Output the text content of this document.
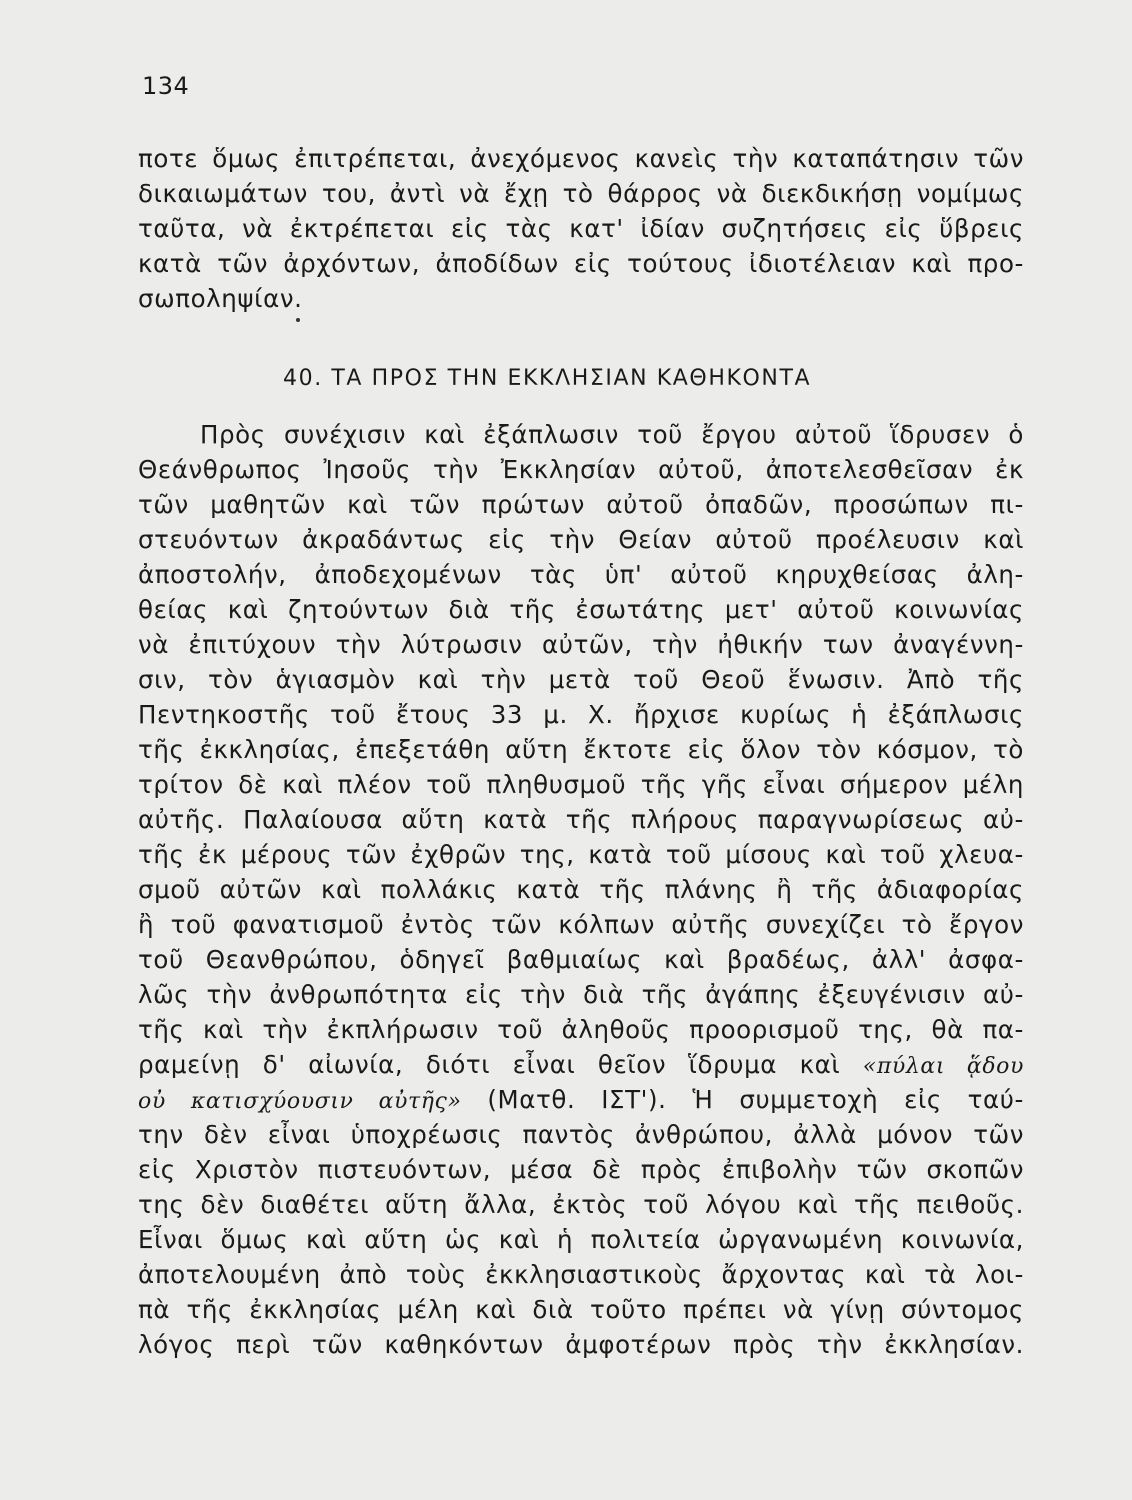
134
ποτε ὅμως ἐπιτρέπεται, ἀνεχόμενος κανεὶς τὴν καταπάτησιν τῶν
δικαιωμάτων του, ἀντὶ νὰ ἔχῃ τὸ θάρρος νὰ διεκδικήσῃ νομίμως
ταῦτα, νὰ ἐκτρέπεται εἰς τὰς κατ' ἰδίαν συζητήσεις εἰς ὕβρεις
κατὰ τῶν ἀρχόντων, ἀποδίδων εἰς τούτους ἰδιοτέλειαν καὶ προ-
σωποληψίαν.
40. ΤΑ ΠΡΟΣ ΤΗΝ ΕΚΚΛΗΣΙΑΝ ΚΑΘΗΚΟΝΤΑ
Πρὸς συνέχισιν καὶ ἐξάπλωσιν τοῦ ἔργου αὐτοῦ ἵδρυσεν ὁ
Θεάνθρωπος Ἰησοῦς τὴν Ἐκκλησίαν αὐτοῦ, ἀποτελεσθεῖσαν ἐκ
τῶν μαθητῶν καὶ τῶν πρώτων αὐτοῦ ὀπαδῶν, προσώπων πι-
στευόντων ἀκραδάντως εἰς τὴν Θείαν αὐτοῦ προέλευσιν καὶ
ἀποστολήν, ἀποδεχομένων τὰς ὑπ' αὐτοῦ κηρυχθείσας ἀλη-
θείας καὶ ζητούντων διὰ τῆς ἐσωτάτης μετ' αὐτοῦ κοινωνίας
νὰ ἐπιτύχουν τὴν λύτρωσιν αὐτῶν, τὴν ἠθικήν των ἀναγέννη-
σιν, τὸν ἁγιασμὸν καὶ τὴν μετὰ τοῦ Θεοῦ ἕνωσιν. Ἀπὸ τῆς
Πεντηκοστῆς τοῦ ἔτους 33 μ. Χ. ἤρχισε κυρίως ἡ ἐξάπλωσις
τῆς ἐκκλησίας, ἐπεξετάθη αὕτη ἔκτοτε εἰς ὅλον τὸν κόσμον, τὸ
τρίτον δὲ καὶ πλέον τοῦ πληθυσμοῦ τῆς γῆς εἶναι σήμερον μέλη
αὐτῆς. Παλαίουσα αὕτη κατὰ τῆς πλήρους παραγνωρίσεως αὐ-
τῆς ἐκ μέρους τῶν ἐχθρῶν της, κατὰ τοῦ μίσους καὶ τοῦ χλευα-
σμοῦ αὐτῶν καὶ πολλάκις κατὰ τῆς πλάνης ἢ τῆς ἀδιαφορίας
ἢ τοῦ φανατισμοῦ ἐντὸς τῶν κόλπων αὐτῆς συνεχίζει τὸ ἔργον
τοῦ Θεανθρώπου, ὁδηγεῖ βαθμιαίως καὶ βραδέως, ἀλλ' ἀσφα-
λῶς τὴν ἀνθρωπότητα εἰς τὴν διὰ τῆς ἀγάπης ἐξευγένισιν αὐ-
τῆς καὶ τὴν ἐκπλήρωσιν τοῦ ἀληθοῦς προορισμοῦ της, θὰ πα-
ραμείνῃ δ' αἰωνία, διότι εἶναι θεῖον ἵδρυμα καὶ «πύλαι ᾅδου
οὐ κατισχύουσιν αὐτῆς» (Ματθ. ΙΣΤ'). Ἡ συμμετοχὴ εἰς ταύ-
την δὲν εἶναι ὑποχρέωσις παντὸς ἀνθρώπου, ἀλλὰ μόνον τῶν
εἰς Χριστὸν πιστευόντων, μέσα δὲ πρὸς ἐπιβολὴν τῶν σκοπῶν
της δὲν διαθέτει αὕτη ἄλλα, ἐκτὸς τοῦ λόγου καὶ τῆς πειθοῦς.
Εἶναι ὅμως καὶ αὕτη ὡς καὶ ἡ πολιτεία ὠργανωμένη κοινωνία,
ἀποτελουμένη ἀπὸ τοὺς ἐκκλησιαστικοὺς ἄρχοντας καὶ τὰ λοι-
πὰ τῆς ἐκκλησίας μέλη καὶ διὰ τοῦτο πρέπει νὰ γίνῃ σύντομος
λόγος περὶ τῶν καθηκόντων ἀμφοτέρων πρὸς τὴν ἐκκλησίαν.
